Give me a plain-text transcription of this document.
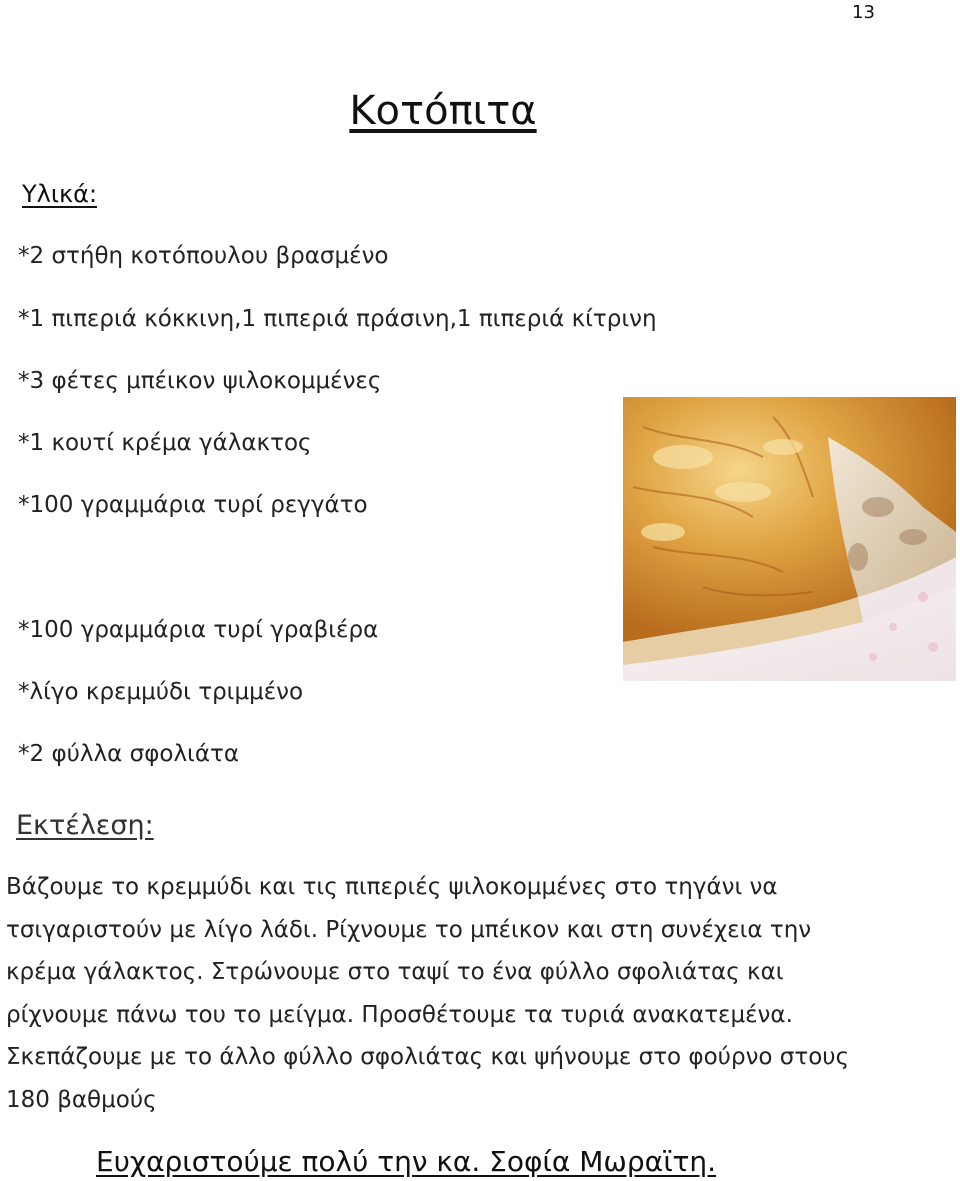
13
Κοτόπιτα
Υλικά:
*2 στήθη κοτόπουλου βρασμένο
*1 πιπεριά κόκκινη,1 πιπεριά πράσινη,1 πιπεριά κίτρινη
*3 φέτες μπέικον ψιλοκομμένες
*1 κουτί κρέμα γάλακτος
*100 γραμμάρια τυρί ρεγγάτο
*100 γραμμάρια τυρί γραβιέρα
*λίγο κρεμμύδι τριμμένο
*2 φύλλα σφολιάτα
Εκτέλεση:

Βάζουμε το κρεμμύδι και τις πιπεριές ψιλοκομμένες στο τηγάνι να τσιγαριστούν με λίγο λάδι. Ρίχνουμε το μπέικον και στη συνέχεια την κρέμα γάλακτος. Στρώνουμε στο ταψί το ένα φύλλο σφολιάτας και ρίχνουμε πάνω του το μείγμα. Προσθέτουμε τα τυριά ανακατεμένα. Σκεπάζουμε με το άλλο φύλλο σφολιάτας και ψήνουμε στο φούρνο στους 180 βαθμούς

Ευχαριστούμε πολύ την κα. Σοφία Μωραϊτη.
